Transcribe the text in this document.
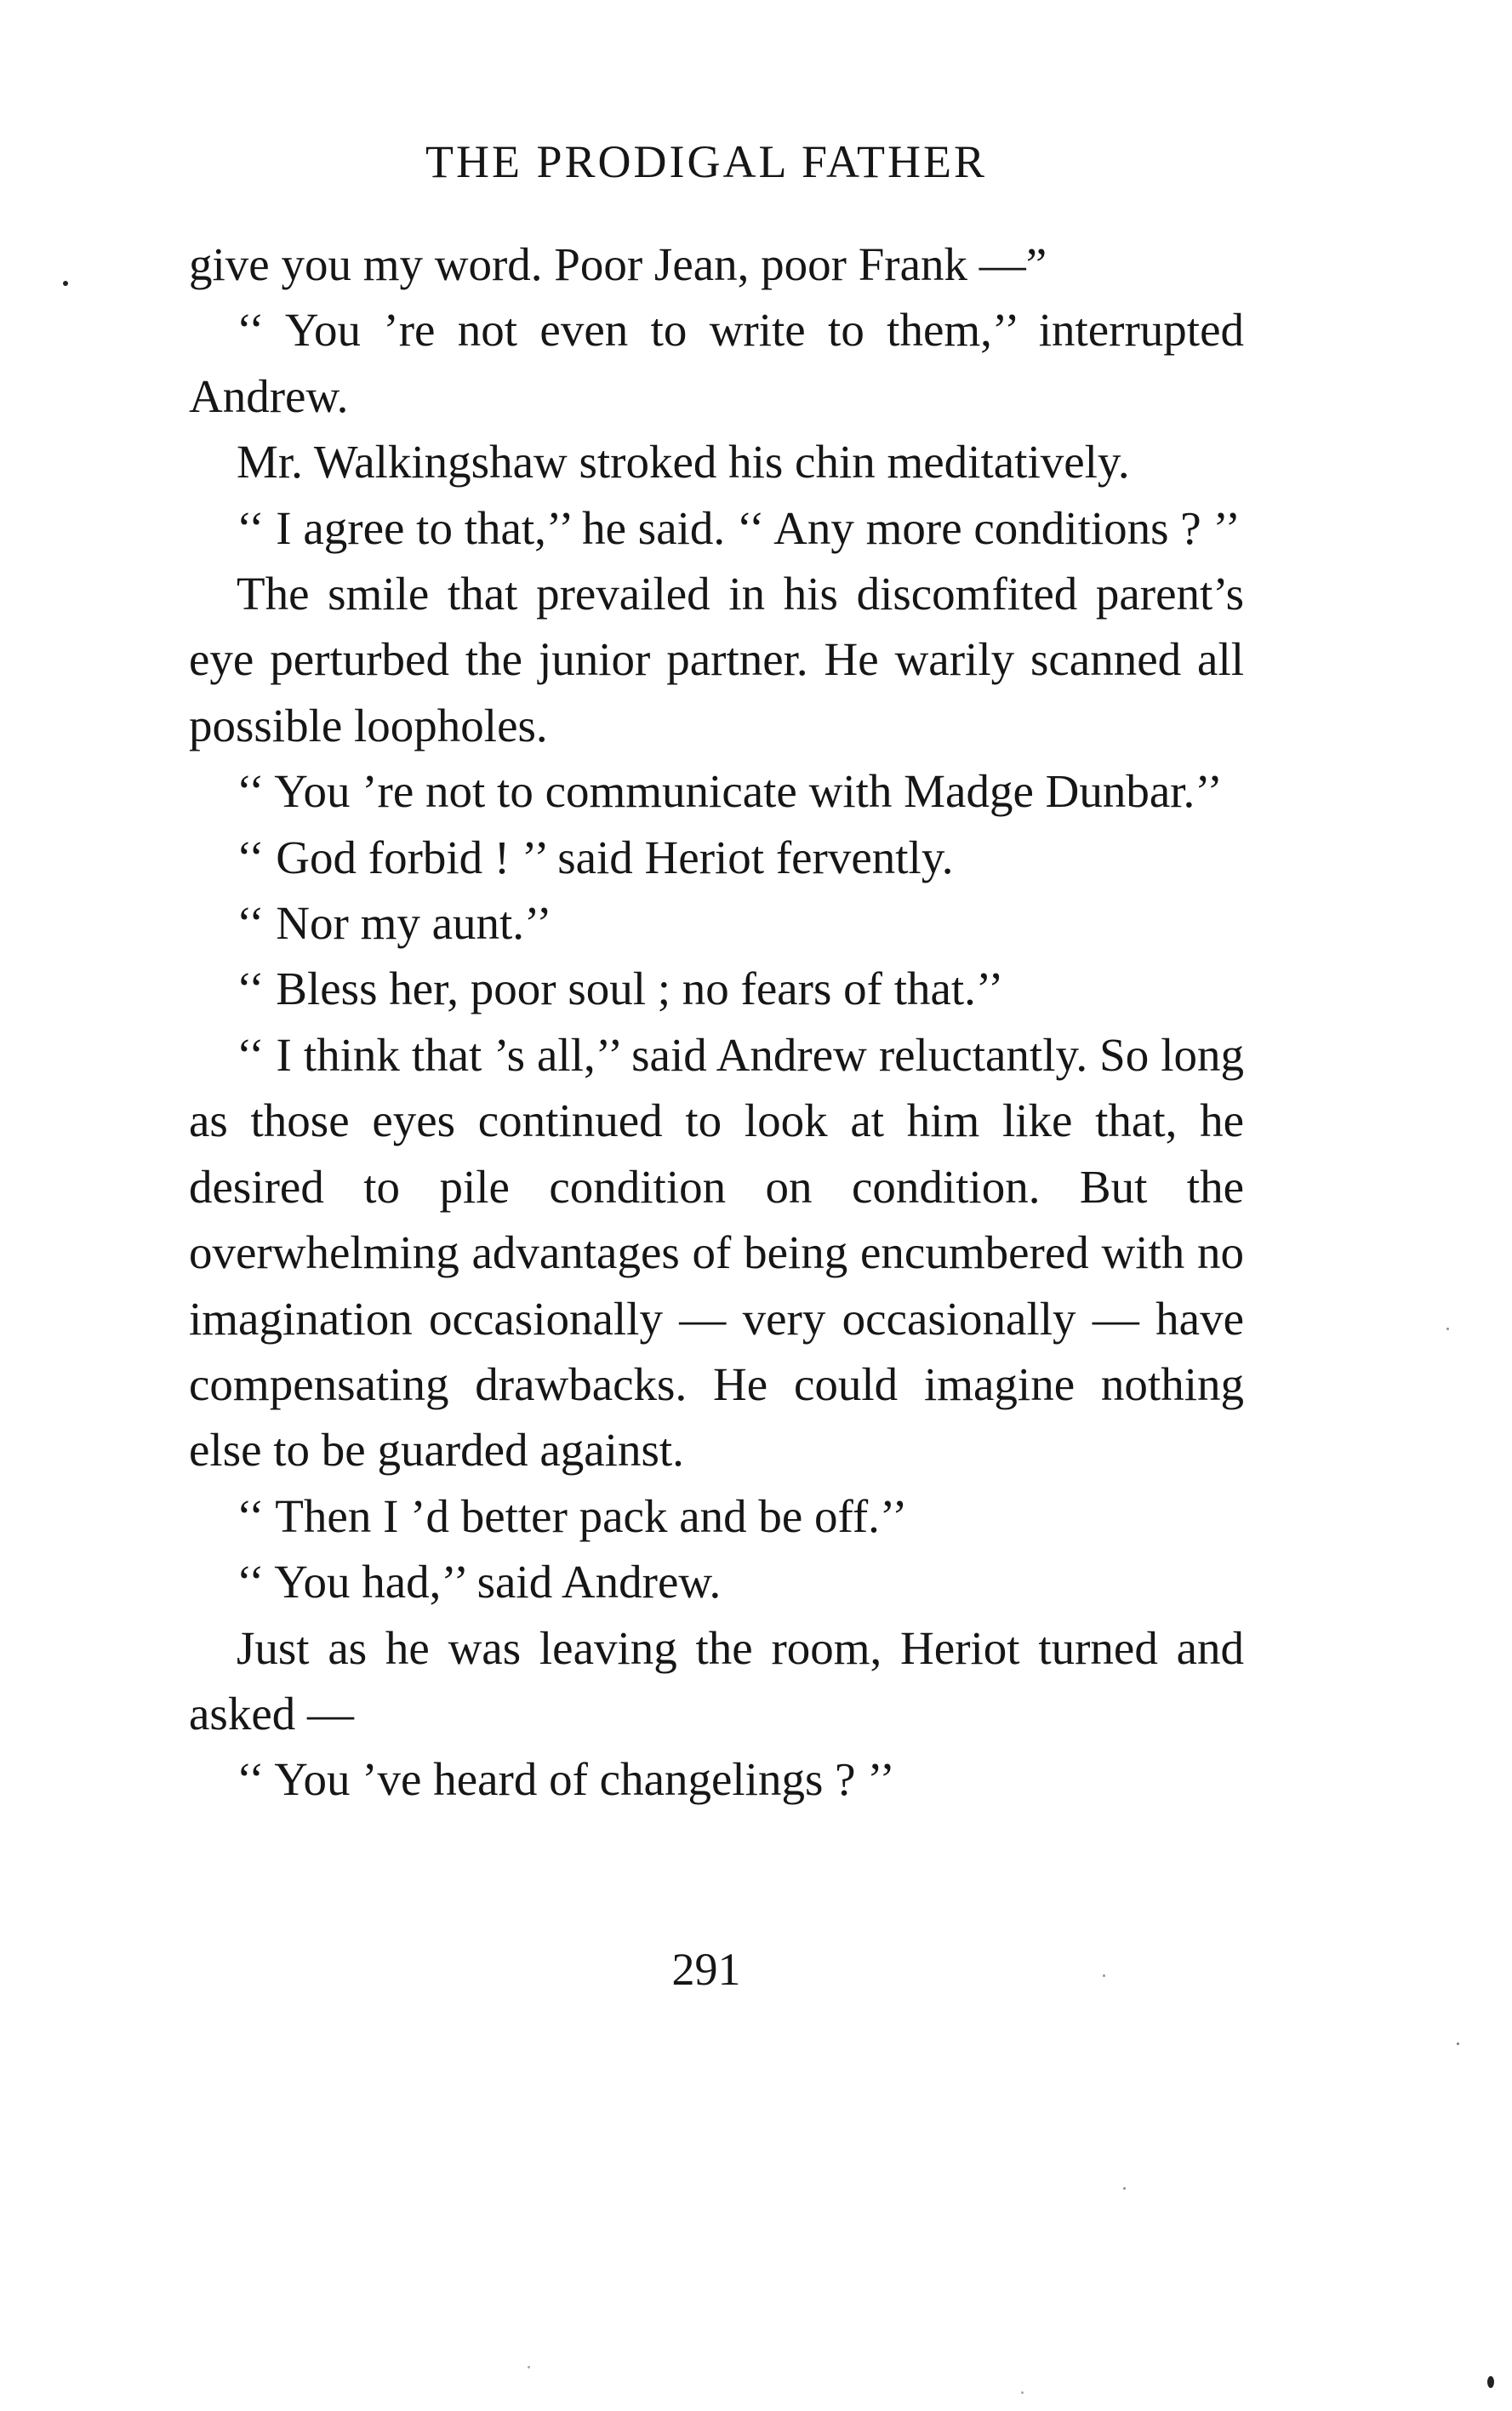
THE PRODIGAL FATHER

give you my word. Poor Jean, poor Frank —”

‘‘ You ’re not even to write to them,’’ interrupted Andrew.

Mr. Walkingshaw stroked his chin meditatively.

‘‘ I agree to that,’’ he said. ‘‘ Any more conditions ? ’’

The smile that prevailed in his discomfited parent’s eye perturbed the junior partner. He warily scanned all possible loopholes.

‘‘ You ’re not to communicate with Madge Dunbar.’’

‘‘ God forbid ! ’’ said Heriot fervently.

‘‘ Nor my aunt.’’

‘‘ Bless her, poor soul ; no fears of that.’’

‘‘ I think that ’s all,’’ said Andrew reluctantly. So long as those eyes continued to look at him like that, he desired to pile condition on condition. But the overwhelming advantages of being encumbered with no imagination occasionally — very occasionally — have compensating drawbacks. He could imagine nothing else to be guarded against.

‘‘ Then I ’d better pack and be off.’’

‘‘ You had,’’ said Andrew.

Just as he was leaving the room, Heriot turned and asked —

‘‘ You ’ve heard of changelings ? ’’

291
